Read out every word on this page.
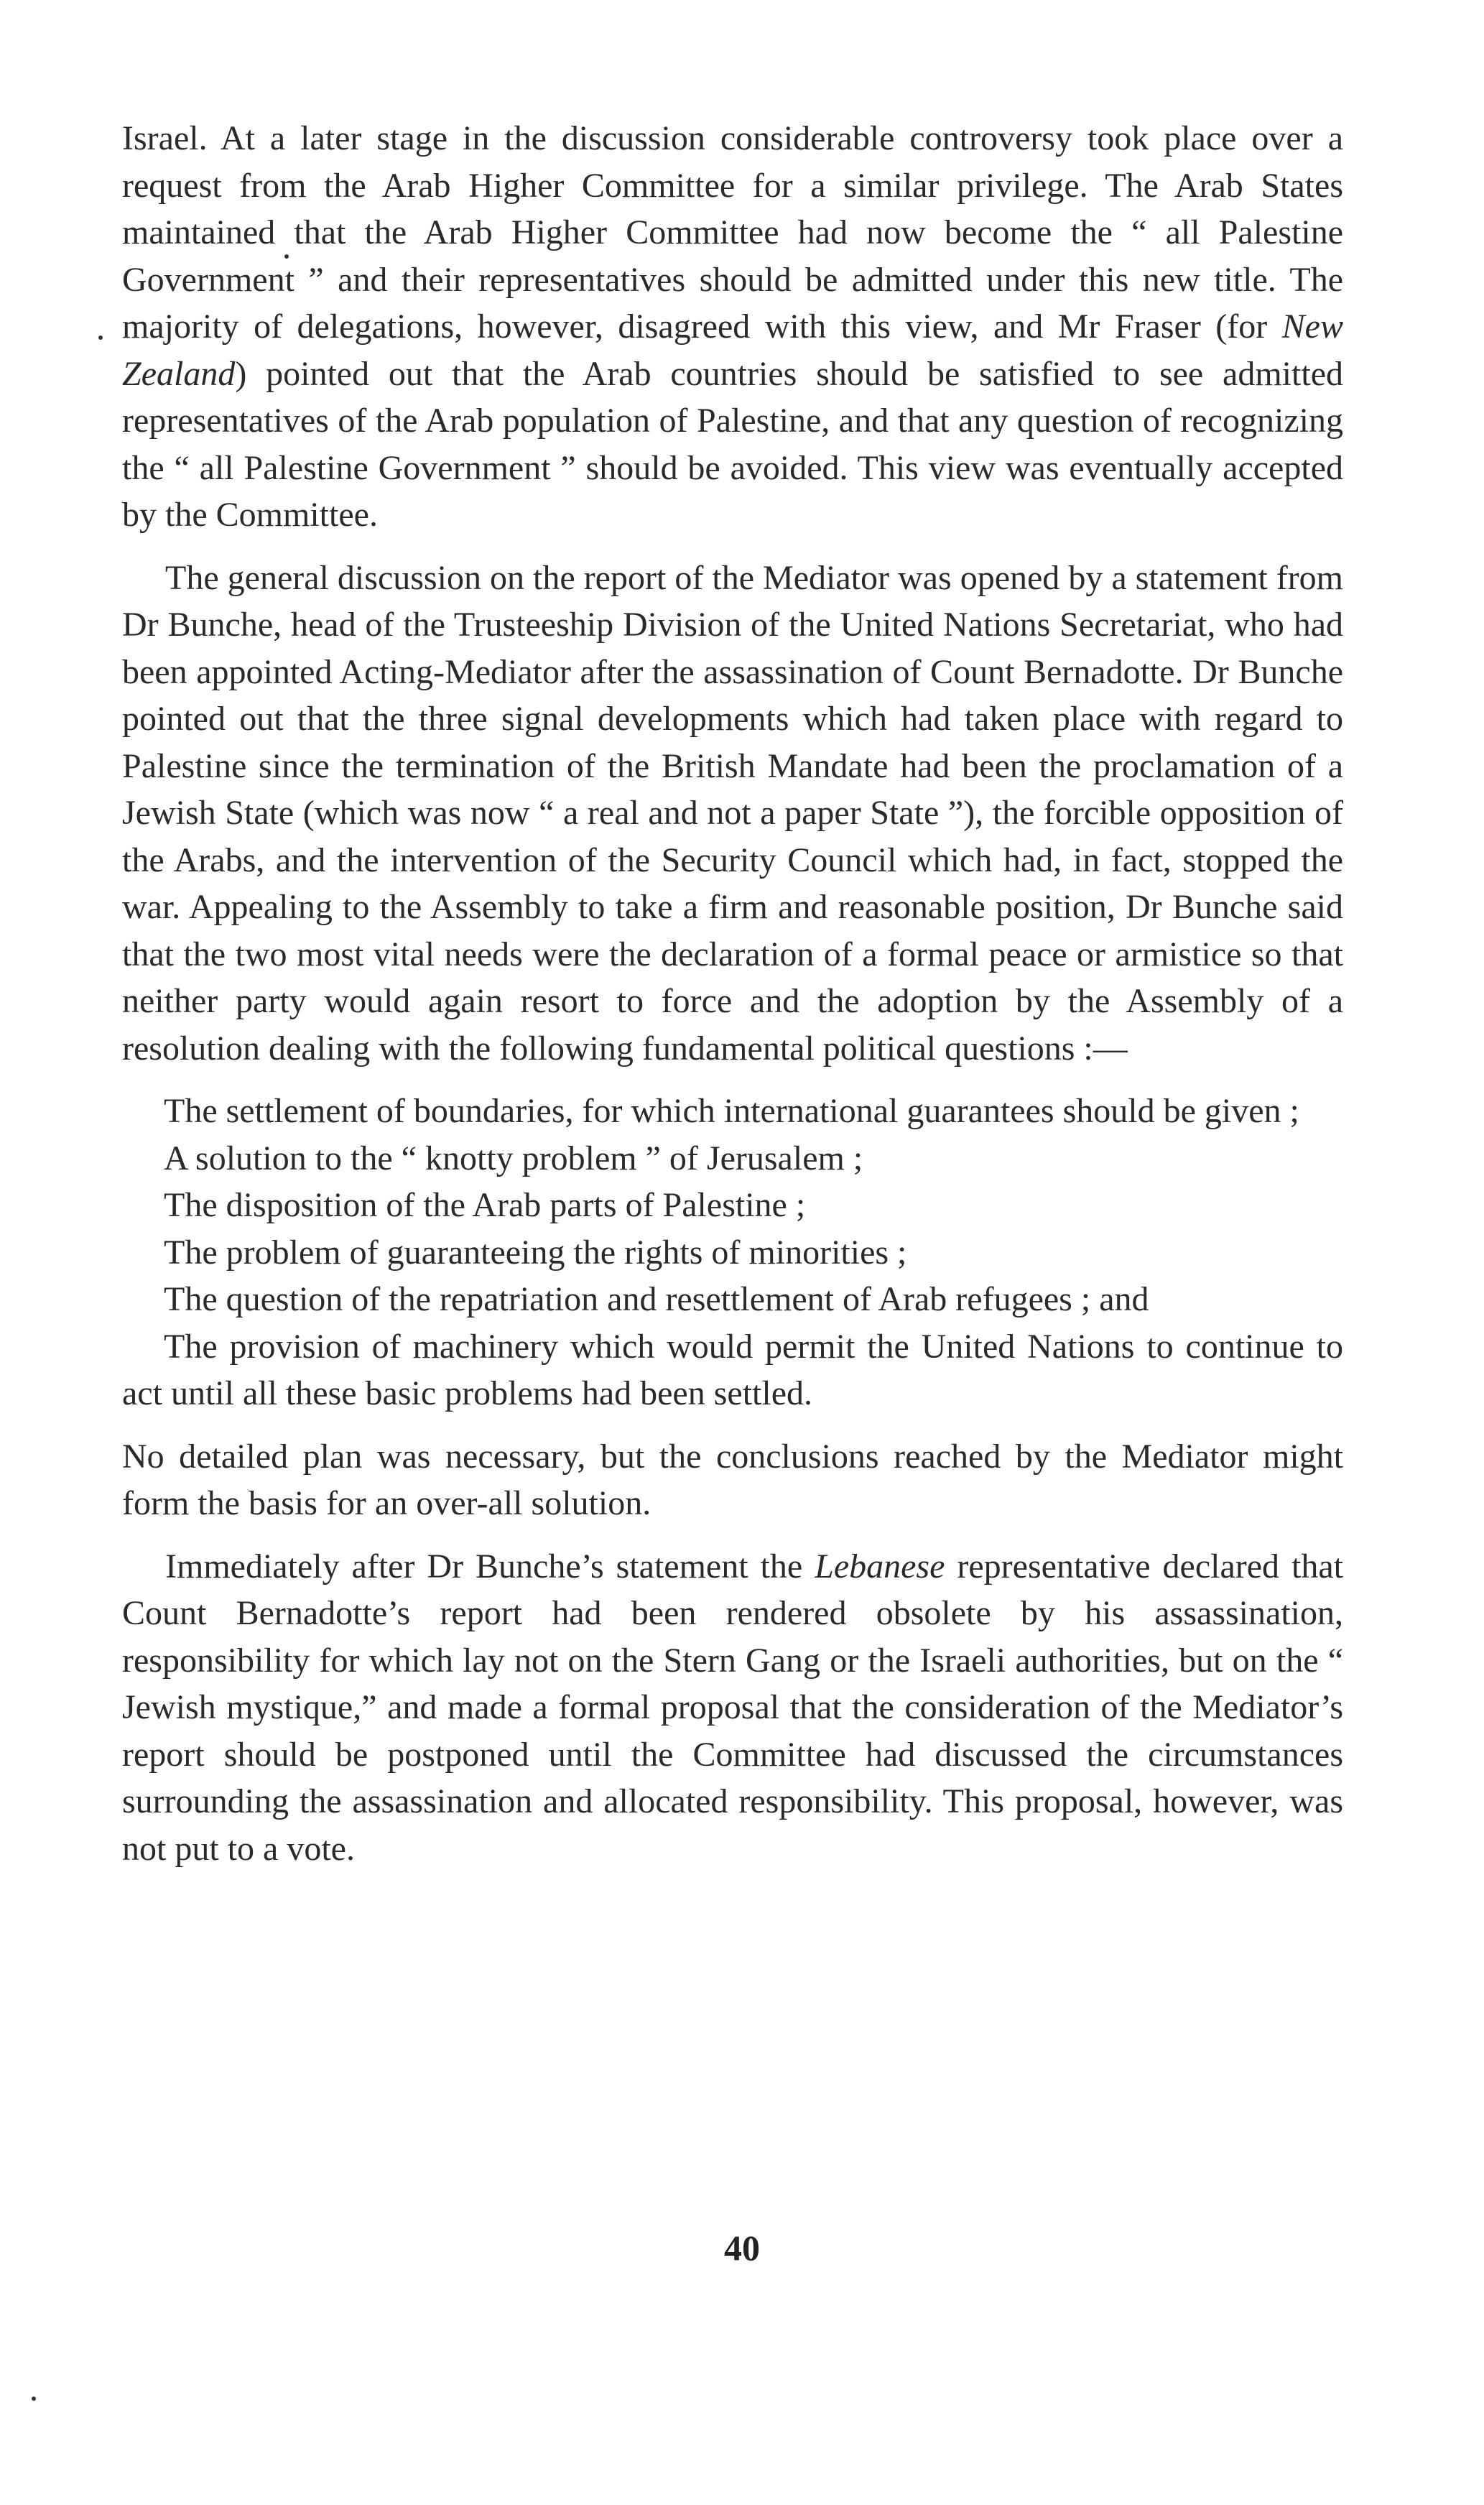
Israel. At a later stage in the discussion considerable controversy took place over a request from the Arab Higher Committee for a similar privilege. The Arab States maintained that the Arab Higher Committee had now become the “ all Palestine Government ” and their representatives should be admitted under this new title. The majority of delegations, however, disagreed with this view, and Mr Fraser (for New Zealand) pointed out that the Arab countries should be satisfied to see admitted representatives of the Arab population of Palestine, and that any question of recognizing the “ all Palestine Government ” should be avoided. This view was eventually accepted by the Committee.

The general discussion on the report of the Mediator was opened by a statement from Dr Bunche, head of the Trusteeship Division of the United Nations Secretariat, who had been appointed Acting-Mediator after the assassination of Count Bernadotte. Dr Bunche pointed out that the three signal developments which had taken place with regard to Palestine since the termination of the British Mandate had been the proclamation of a Jewish State (which was now “ a real and not a paper State ”), the forcible opposition of the Arabs, and the intervention of the Security Council which had, in fact, stopped the war. Appealing to the Assembly to take a firm and reasonable position, Dr Bunche said that the two most vital needs were the declaration of a formal peace or armistice so that neither party would again resort to force and the adoption by the Assembly of a resolution dealing with the following fundamental political questions :—

The settlement of boundaries, for which international guarantees should be given ;
A solution to the “ knotty problem ” of Jerusalem ;
The disposition of the Arab parts of Palestine ;
The problem of guaranteeing the rights of minorities ;
The question of the repatriation and resettlement of Arab refugees ; and
The provision of machinery which would permit the United Nations to continue to act until all these basic problems had been settled.

No detailed plan was necessary, but the conclusions reached by the Mediator might form the basis for an over-all solution.

Immediately after Dr Bunche’s statement the Lebanese representative declared that Count Bernadotte’s report had been rendered obsolete by his assassination, responsibility for which lay not on the Stern Gang or the Israeli authorities, but on the “ Jewish mystique,” and made a formal proposal that the consideration of the Mediator’s report should be postponed until the Committee had discussed the circumstances surrounding the assassination and allocated responsibility. This proposal, however, was not put to a vote.

40
